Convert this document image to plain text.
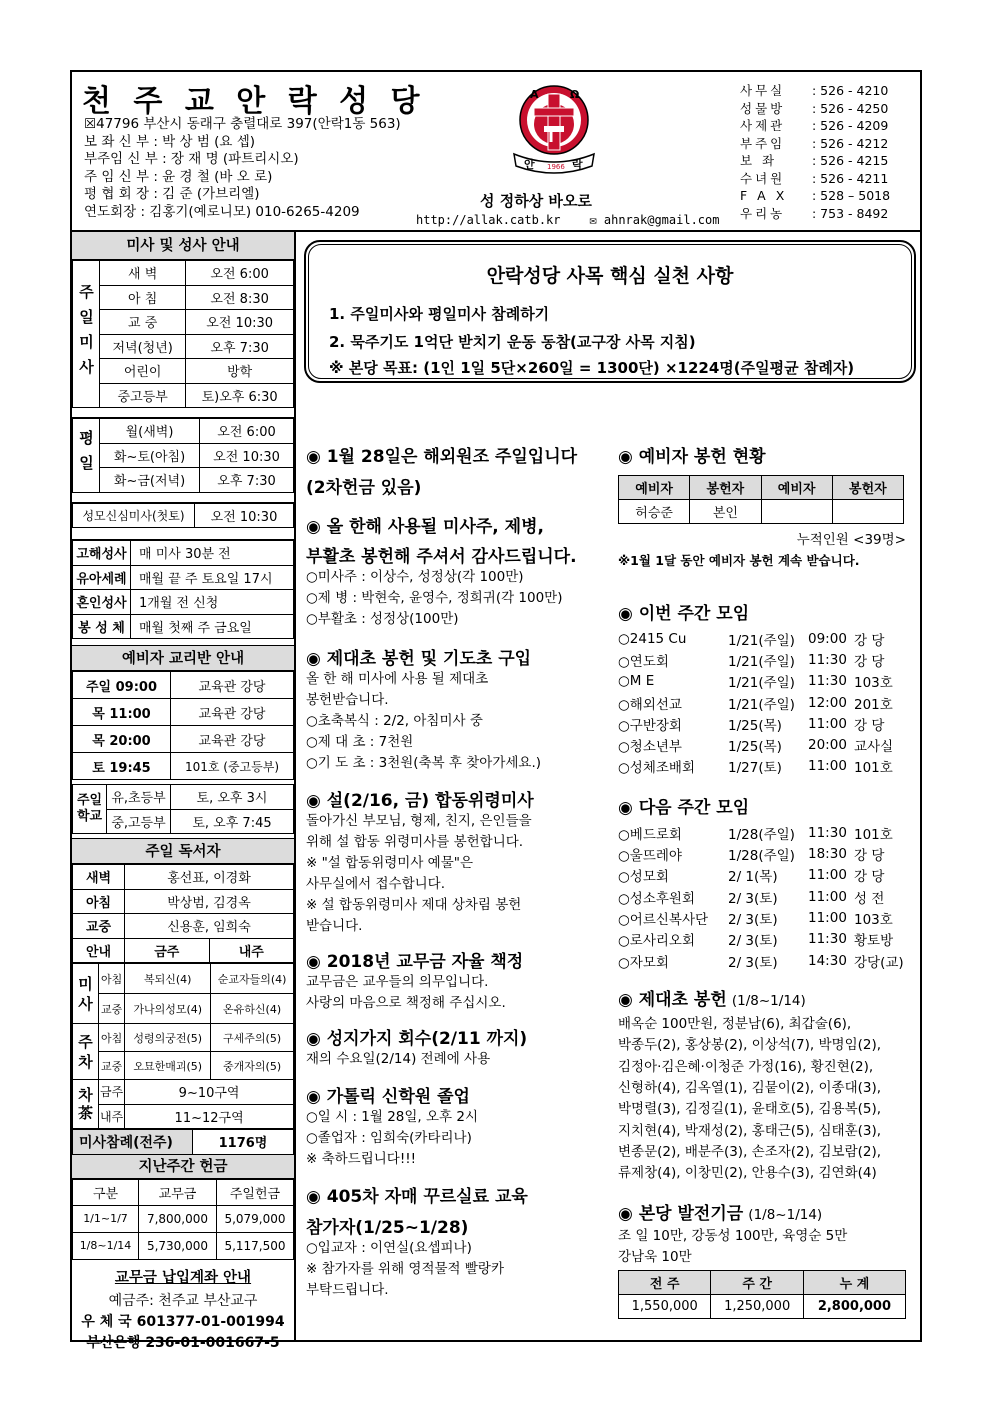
천 주 교 안 락 성 당
☒47796 부산시 동래구 충렬대로 397(안락1동 563)
보 좌 신 부 : 박 상 범 (요 셉)
부주임 신 부 : 장 재 명 (파트리시오)
주 임 신 부 : 윤 경 철 (바 오 로)
평 협 회 장 : 김 준 (가브리엘)
연도회장 : 김홍기(예로니모) 010-6265-4209
A	Ω
안 1966 락
성 정하상 바오로
http://allak.catb.kr ✉ ahnrak@gmail.com
사무실 : 526 - 4210
성물방 : 526 - 4250
사제관 : 526 - 4209
부주임 : 526 - 4212
보 좌	: 526 - 4215
수녀원 : 526 - 4211
F A X : 528 – 5018
우리농 : 753 - 8492
미사 및 성사 안내
주일미사	새 벽	오전 6:00
	아 침	오전 8:30
	교 중	오전 10:30
	저녁(청년)	오후 7:30
	어린이	방학
	중고등부	토)오후 6:30
평일	월(새벽)	오전 6:00
	화~토(아침)	오전 10:30
	화~금(저녁)	오후 7:30
성모신심미사(첫토)	오전 10:30
고해성사	매 미사 30분 전
유아세례	매월 끝 주 토요일 17시
혼인성사	1개월 전 신청
봉 성 체	매월 첫째 주 금요일
예비자 교리반 안내
주일 09:00	교육관 강당
목 11:00	교육관 강당
목 20:00	교육관 강당
토 19:45	101호 (중고등부)
주일학교	유,초등부	토, 오후 3시
	중,고등부	토, 오후 7:45
주일 독서자
새벽	홍선표, 이경화	
아침	박상범, 김경옥	
교중	신용훈, 임희숙	
안내	금주	내주
미사	아침	복되신(4)	순교자들의(4)
	교중	가나의성모(4)	온유하신(4)
주차	아침	성령의궁전(5)	구세주의(5)
	교중	오묘한매괴(5)	중개자의(5)
차茶	금주	9~10구역	
	내주	11~12구역	
미사참례(전주)	1176명
지난주간 헌금
구분	교무금	주일헌금
1/1~1/7	7,800,000	5,079,000
1/8~1/14	5,730,000	5,117,500
교무금 납입계좌 안내
예금주: 천주교 부산교구
우 체 국 601377-01-001994
부산은행 236-01-001667-5
안락성당 사목 핵심 실천 사항
1. 주일미사와 평일미사 참례하기
2. 묵주기도 1억단 받치기 운동 동참(교구장 사목 지침)
※ 본당 목표: (1인 1일 5단×260일 = 1300단) ×1224명(주일평균 참례자)
◉ 1월 28일은 해외원조 주일입니다
(2차헌금 있음)
◉ 올 한해 사용될 미사주, 제병,
부활초 봉헌해 주셔서 감사드립니다.
○미사주 : 이상수, 성정상(각 100만)
○제 병 : 박현숙, 윤영수, 정희귀(각 100만)
○부활초 : 성정상(100만)
◉ 제대초 봉헌 및 기도초 구입
올 한 해 미사에 사용 될 제대초
봉헌받습니다.
○초축복식 : 2/2, 아침미사 중
○제 대 초 : 7천원
○기 도 초 : 3천원(축복 후 찾아가세요.)
◉ 설(2/16, 금) 합동위령미사
돌아가신 부모님, 형제, 친지, 은인들을
위해 설 합동 위령미사를 봉헌합니다.
※ "설 합동위령미사 예물"은
사무실에서 접수합니다.
※ 설 합동위령미사 제대 상차림 봉헌
받습니다.
◉ 2018년 교무금 자율 책정
교무금은 교우들의 의무입니다.
사랑의 마음으로 책정해 주십시오.
◉ 성지가지 회수(2/11 까지)
재의 수요일(2/14) 전례에 사용
◉ 가톨릭 신학원 졸업
○일 시 : 1월 28일, 오후 2시
○졸업자 : 임희숙(카타리나)
※ 축하드립니다!!!
◉ 405차 자매 꾸르실료 교육
참가자(1/25~1/28)
○입교자 : 이연실(요셉피나)
※ 참가자를 위해 영적물적 빨랑카
부탁드립니다.
◉ 예비자 봉헌 현황
예비자	봉헌자	예비자	봉헌자
허승준	본인		
누적인원 <39명>
※1월 1달 동안 예비자 봉헌 계속 받습니다.
◉ 이번 주간 모임
○2415 Cu	1/21(주일)	09:00	강 당
○연도회	1/21(주일)	11:30	강 당
○M E	1/21(주일)	11:30	103호
○해외선교	1/21(주일)	12:00	201호
○구반장회	1/25(목)	11:00	강 당
○청소년부	1/25(목)	20:00	교사실
○성체조배회	1/27(토)	11:00	101호
◉ 다음 주간 모임
○베드로회	1/28(주일)	11:30	101호
○울뜨레야	1/28(주일)	18:30	강 당
○성모회	2/ 1(목)	11:00	강 당
○성소후원회	2/ 3(토)	11:00	성 전
○어르신복사단	2/ 3(토)	11:00	103호
○로사리오회	2/ 3(토)	11:30	황토방
○자모회	2/ 3(토)	14:30	강당(교)
◉ 제대초 봉헌 (1/8~1/14)
배옥순 100만원, 정분남(6), 최갑술(6),
박종두(2), 홍상봉(2), 이상석(7), 박명임(2),
김정아·김은혜·이청준 가정(16), 황진현(2),
신형하(4), 김옥열(1), 김뭍이(2), 이종대(3),
박명렬(3), 김정길(1), 윤태호(5), 김용복(5),
지치현(4), 박재성(2), 홍태근(5), 심태훈(3),
변종문(2), 배분주(3), 손조자(2), 김보람(2),
류제창(4), 이창민(2), 안용수(3), 김연화(4)
◉ 본당 발전기금 (1/8~1/14)
조 일 10만, 강동성 100만, 육영순 5만
강남욱 10만
전 주	주 간	누 계
1,550,000	1,250,000	2,800,000
